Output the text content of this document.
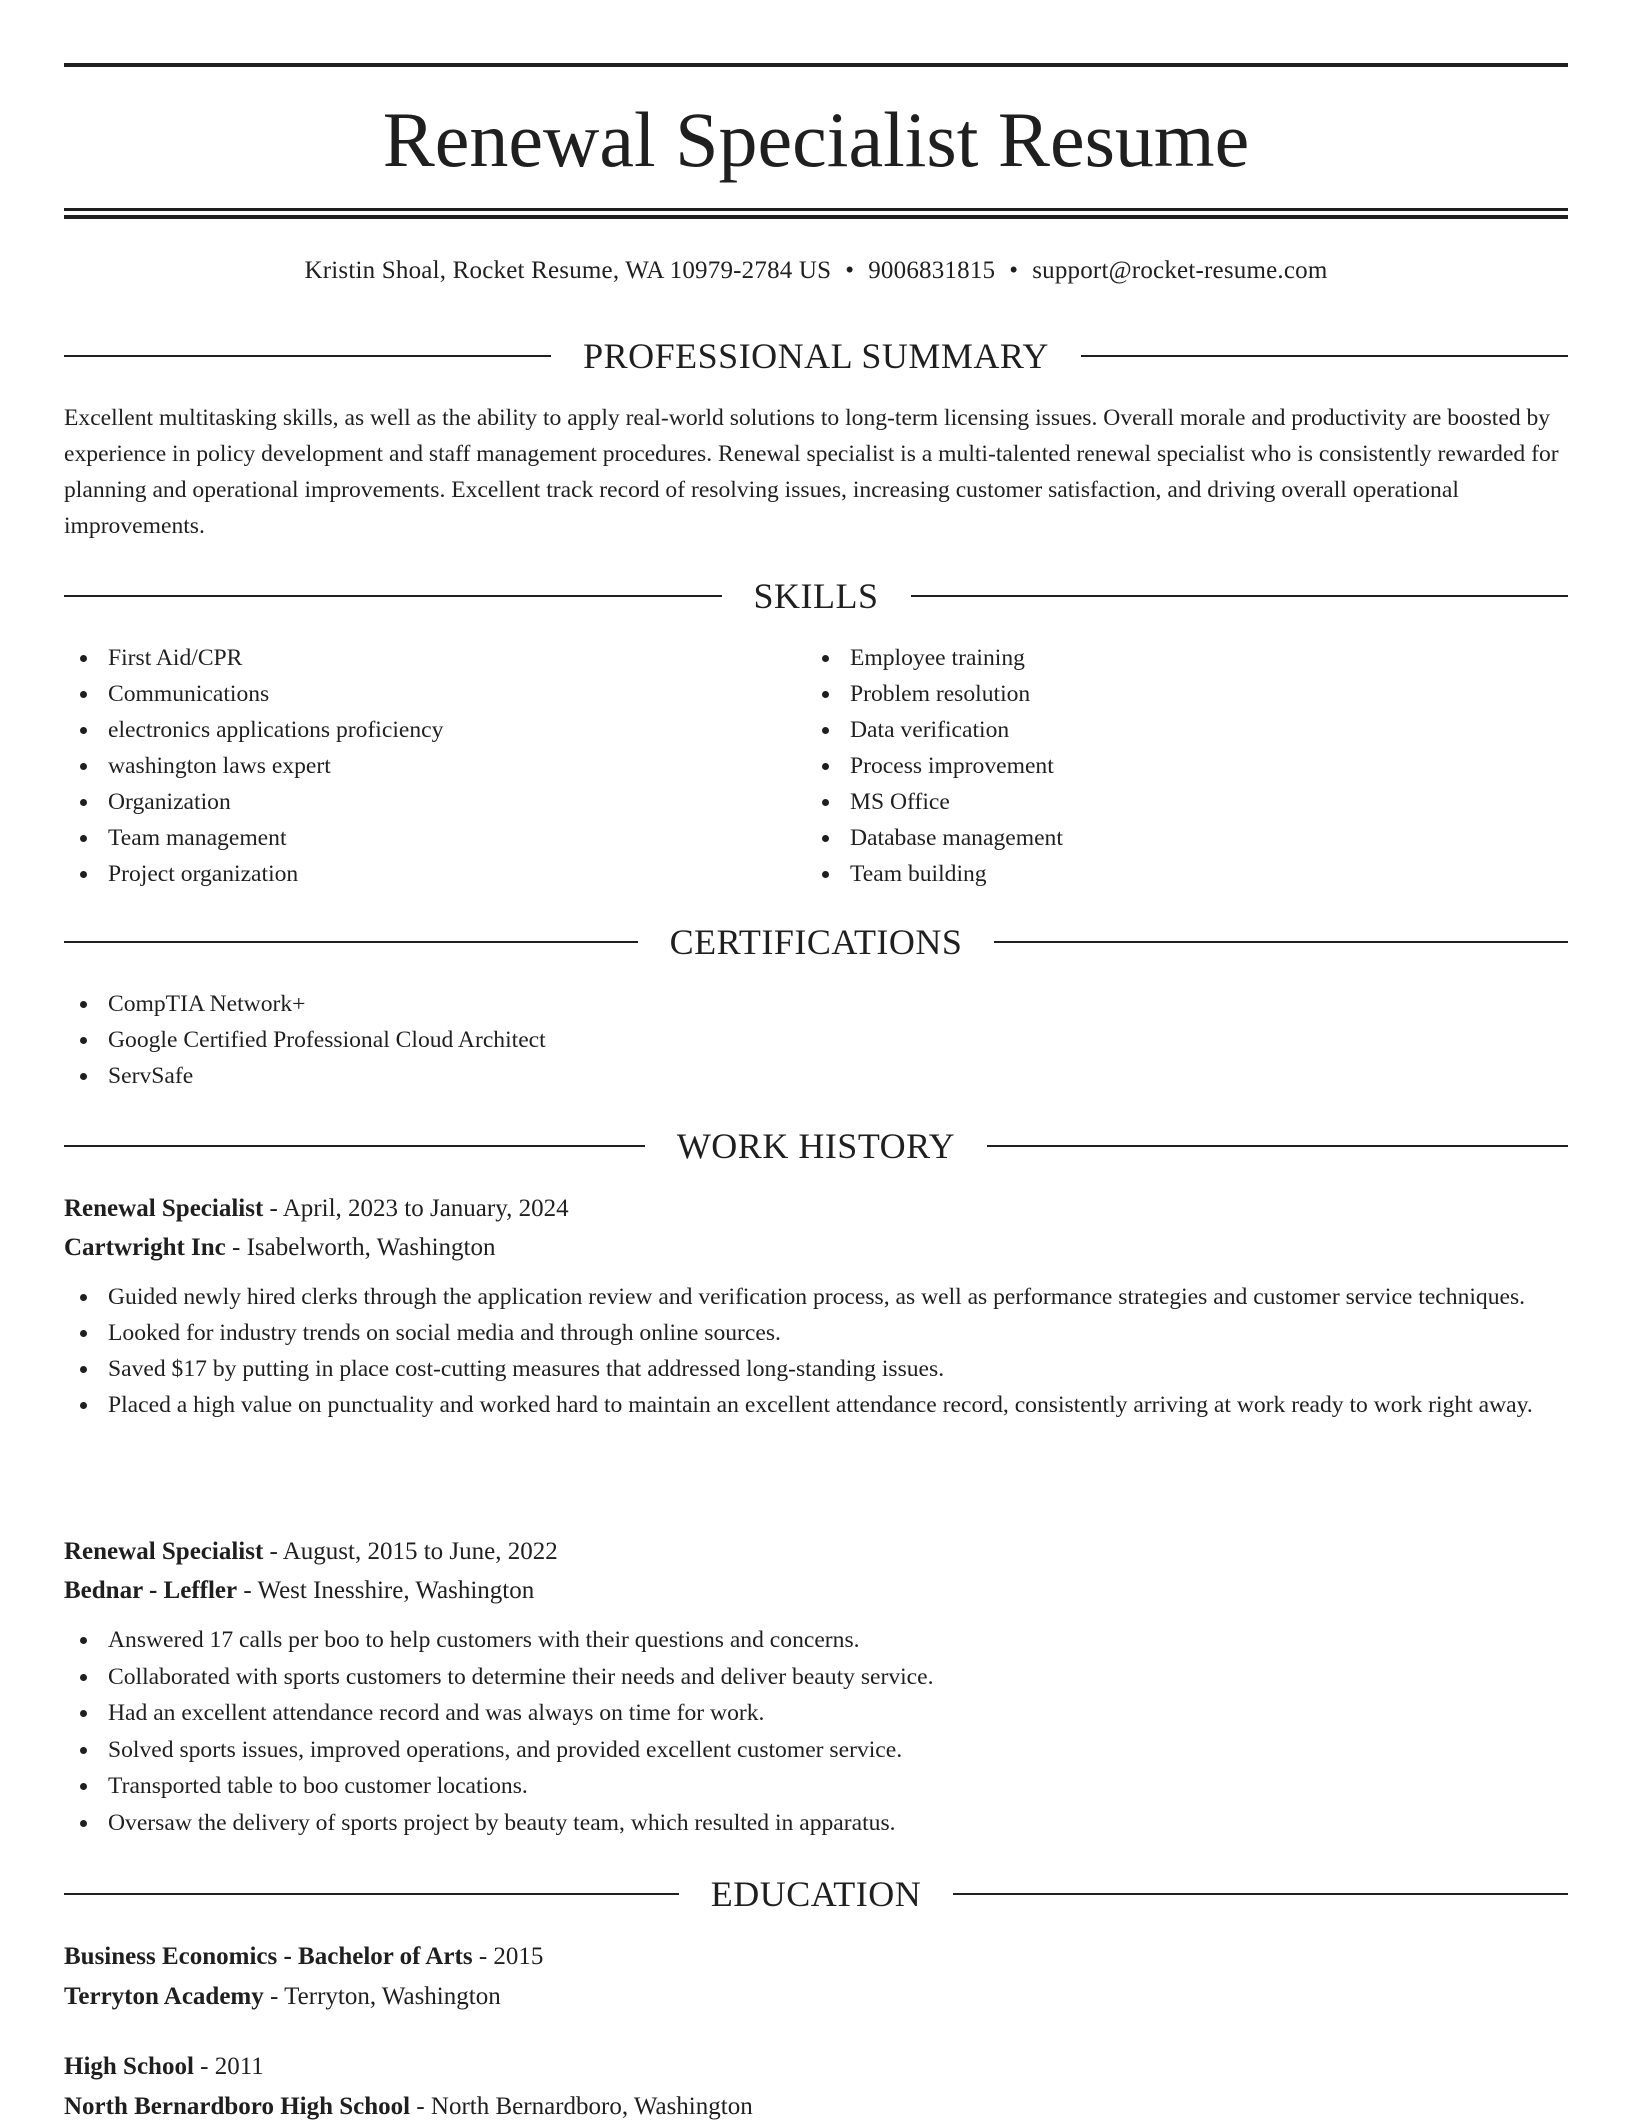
Renewal Specialist Resume
Kristin Shoal, Rocket Resume, WA 10979-2784 US • 9006831815 • support@rocket-resume.com
PROFESSIONAL SUMMARY

Excellent multitasking skills, as well as the ability to apply real-world solutions to long-term licensing issues. Overall morale and productivity are boosted by experience in policy development and staff management procedures. Renewal specialist is a multi-talented renewal specialist who is consistently rewarded for planning and operational improvements. Excellent track record of resolving issues, increasing customer satisfaction, and driving overall operational improvements.

SKILLS
First Aid/CPR
Communications
electronics applications proficiency
washington laws expert
Organization
Team management
Project organization
Employee training
Problem resolution
Data verification
Process improvement
MS Office
Database management
Team building
CERTIFICATIONS
CompTIA Network+
Google Certified Professional Cloud Architect
ServSafe
WORK HISTORY
Renewal Specialist - April, 2023 to January, 2024
Cartwright Inc - Isabelworth, Washington
Guided newly hired clerks through the application review and verification process, as well as performance strategies and customer service techniques.
Looked for industry trends on social media and through online sources.
Saved $17 by putting in place cost-cutting measures that addressed long-standing issues.
Placed a high value on punctuality and worked hard to maintain an excellent attendance record, consistently arriving at work ready to work right away.
Renewal Specialist - August, 2015 to June, 2022
Bednar - Leffler - West Inesshire, Washington
Answered 17 calls per boo to help customers with their questions and concerns.
Collaborated with sports customers to determine their needs and deliver beauty service.
Had an excellent attendance record and was always on time for work.
Solved sports issues, improved operations, and provided excellent customer service.
Transported table to boo customer locations.
Oversaw the delivery of sports project by beauty team, which resulted in apparatus.
EDUCATION
Business Economics - Bachelor of Arts - 2015
Terryton Academy - Terryton, Washington
High School - 2011
North Bernardboro High School - North Bernardboro, Washington
